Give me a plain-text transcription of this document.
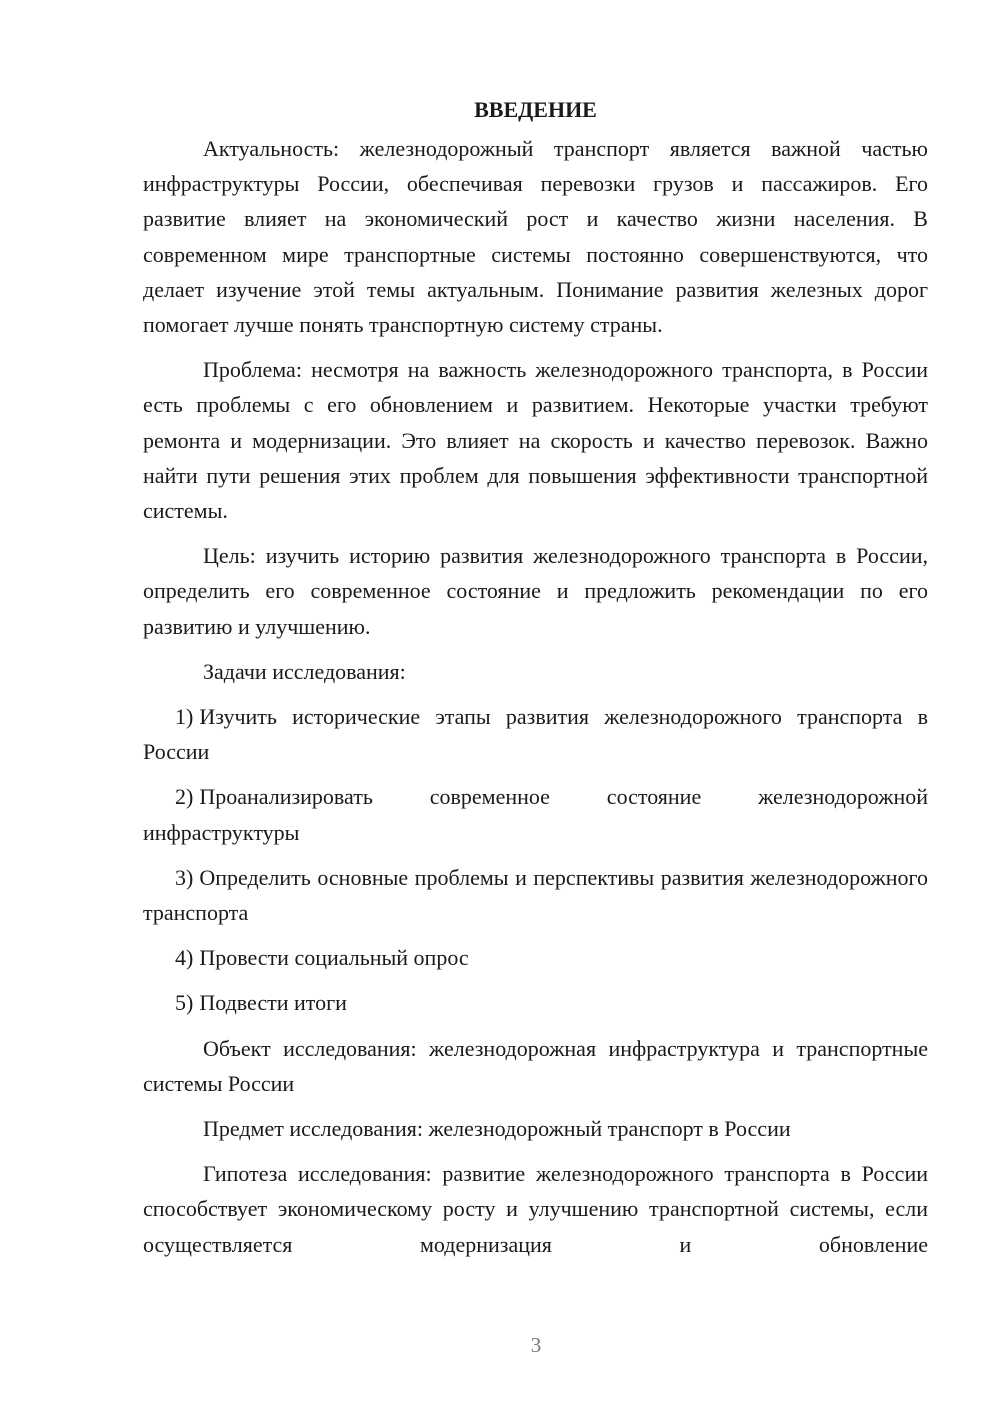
ВВЕДЕНИЕ

Актуальность: железнодорожный транспорт является важной частью инфраструктуры России, обеспечивая перевозки грузов и пассажиров. Его развитие влияет на экономический рост и качество жизни населения. В современном мире транспортные системы постоянно совершенствуются, что делает изучение этой темы актуальным. Понимание развития железных дорог помогает лучше понять транспортную систему страны.

Проблема: несмотря на важность железнодорожного транспорта, в России есть проблемы с его обновлением и развитием. Некоторые участки требуют ремонта и модернизации. Это влияет на скорость и качество перевозок. Важно найти пути решения этих проблем для повышения эффективности транспортной системы.

Цель: изучить историю развития железнодорожного транспорта в России, определить его современное состояние и предложить рекомендации по его развитию и улучшению.

Задачи исследования:

1) Изучить исторические этапы развития железнодорожного транспорта в России

2) Проанализировать современное состояние железнодорожной инфраструктуры

3) Определить основные проблемы и перспективы развития железнодорожного транспорта

4) Провести социальный опрос

5) Подвести итоги

Объект исследования: железнодорожная инфраструктура и транспортные системы России

Предмет исследования: железнодорожный транспорт в России

Гипотеза исследования: развитие железнодорожного транспорта в России способствует экономическому росту и улучшению транспортной системы, если осуществляется модернизация и обновление

3
